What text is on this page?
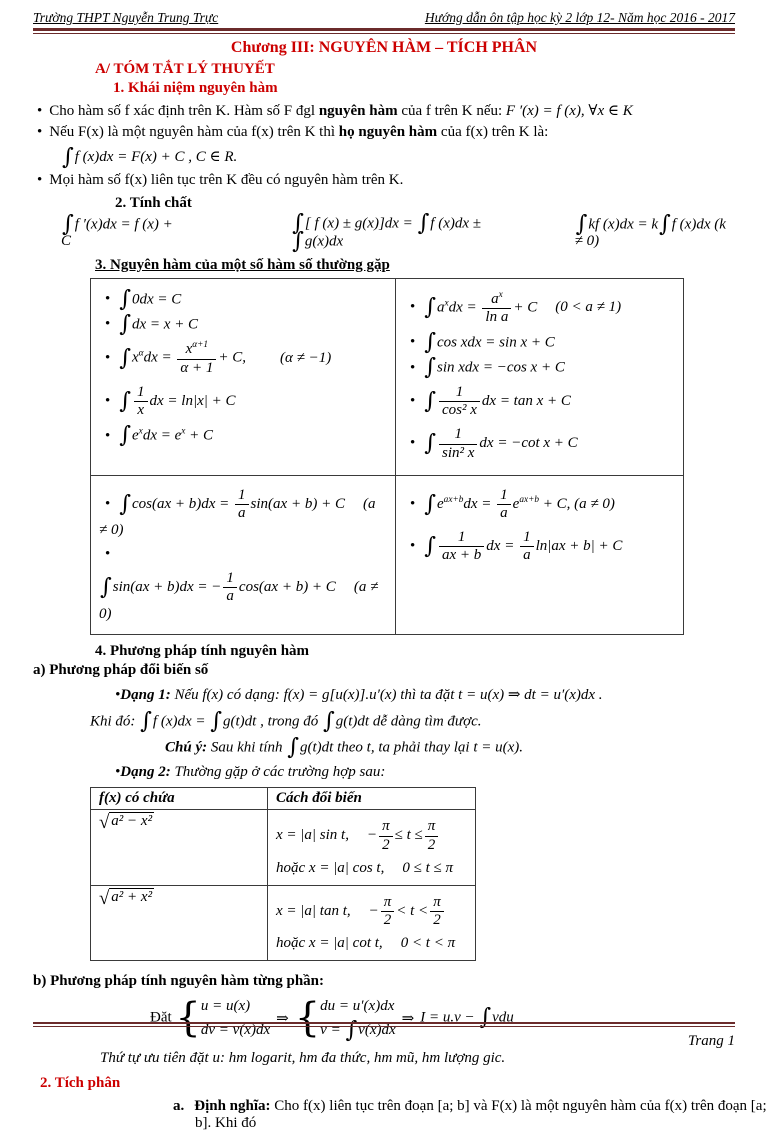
Trường THPT Nguyễn Trung Trực	Hướng dẫn ôn tập học kỳ 2 lớp 12- Năm học 2016 - 2017
Chương III: NGUYÊN HÀM – TÍCH PHÂN
A/ TÓM TẮT LÝ THUYẾT
1. Khái niệm nguyên hàm
• Cho hàm số f xác định trên K. Hàm số F đgl nguyên hàm của f trên K nếu: F ′(x) = f (x), ∀x ∈ K
• Nếu F(x) là một nguyên hàm của f(x) trên K thì họ nguyên hàm của f(x) trên K là:
∫f (x)dx = F(x) + C , C ∈ R.
• Mọi hàm số f(x) liên tục trên K đều có nguyên hàm trên K.
2. Tính chất
∫f ′(x)dx = f (x) + C
∫[ f (x) ± g(x)]dx = ∫f (x)dx ± ∫g(x)dx
∫kf (x)dx = k∫f (x)dx (k ≠ 0)
3. Nguyên hàm của một số hàm số thường gặp
• ∫0dx = C
• ∫dx = x + C
• $\int x^\alpha dx = \frac{x^{\alpha+1}}{\alpha + 1} + C$, (α ≠ −1)
• ∫ $\frac{1}{x}$ dx = ln|x| + C
• $\int e^xdx = e^x + C$

• $\int a^xdx = \frac{a^x}{\text{ln a}} + C$ (0 < a ≠ 1)
• ∫cos xdx = sin x + C
• ∫sin xdx = −cos x + C
• ∫ $\frac{1}{\text{cos² x}}$ dx = tan x + C
• ∫ $\frac{1}{\text{sin² x}}$ dx = −cot x + C

• $\int\cos(ax + b)dx = \frac{1}{a} \sin(ax + b) + C$ (a ≠ 0)
•
∫sin(ax + b)dx = − $\frac{1}{a} \cos(ax + b) + C$ (a ≠ 0)

• $\int e^{ax+b}dx = \frac{1}{a} e^{ax+b} + C$, (a ≠ 0)
• ∫ $\frac{1}{ax + b}$ dx = $\frac{1}{a} \ln|ax + b| + C$
4. Phương pháp tính nguyên hàm
a) Phương pháp đổi biến số
•Dạng 1: Nếu f(x) có dạng: f(x) = g[u(x)].u′(x) thì ta đặt t = u(x) ⇒ dt = u′(x)dx .
Khi đó: ∫f (x)dx = ∫g(t)dt , trong đó ∫g(t)dt dễ dàng tìm được.
Chú ý: Sau khi tính ∫g(t)dt theo t, ta phải thay lại t = u(x).
•Dạng 2: Thường gặp ở các trường hợp sau:
f(x) có chứa	Cách đổi biến
√ a² − x²	
x = |a| sin t, − $\frac{\pi}{2} \le t \le \frac{\pi}{2}$
hoặc x = |a| cos t, 0 ≤ t ≤ π

√ a² + x²	
x = |a| tan t, − $\frac{\pi}{2} < t < \frac{\pi}{2}$
hoặc x = |a| cot t, 0 < t < π
b) Phương pháp tính nguyên hàm từng phần:
Đặt { u = u(x)
dv = v(x)dx
⇒ { du = u′(x)dx
v = ∫v(x)dx
⇒ I = u.v − ∫vdu
Thứ tự ưu tiên đặt u: hm logarit, hm đa thức, hm mũ, hm lượng gic.
2. Tích phân
a. Định nghĩa: Cho f(x) liên tục trên đoạn [a; b] và F(x) là một nguyên hàm của f(x) trên đoạn [a; b]. Khi đó
Trang 1
